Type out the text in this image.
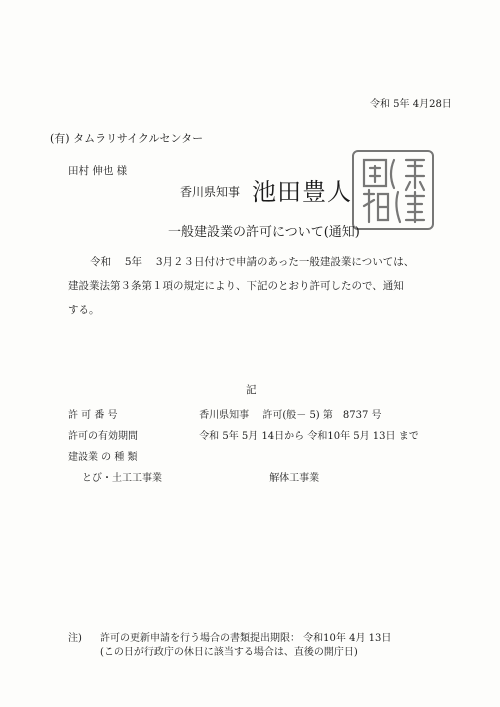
令和 5年 4月28日
(有) タムラリサイクルセンター
田村 伸也 様
香川県知事 池田豊人
一般建設業の許可について(通知)
令和　 5年　 3月２３日付けで申請のあった一般建設業については、
建設業法第３条第１項の規定により、下記のとおり許可したので、通知
する。
記
許 可 番 号	香川県知事　 許可(般－ 5) 第　8737 号
許可の有効期間	令和 5年 5月 14日から 令和10年 5月 13日 まで
建設業 の 種 類
とび・土工工事業	解体工事業
注) 許可の更新申請を行う場合の書類提出期限： 令和10年 4月 13日
(この日が行政庁の休日に該当する場合は、直後の開庁日)
